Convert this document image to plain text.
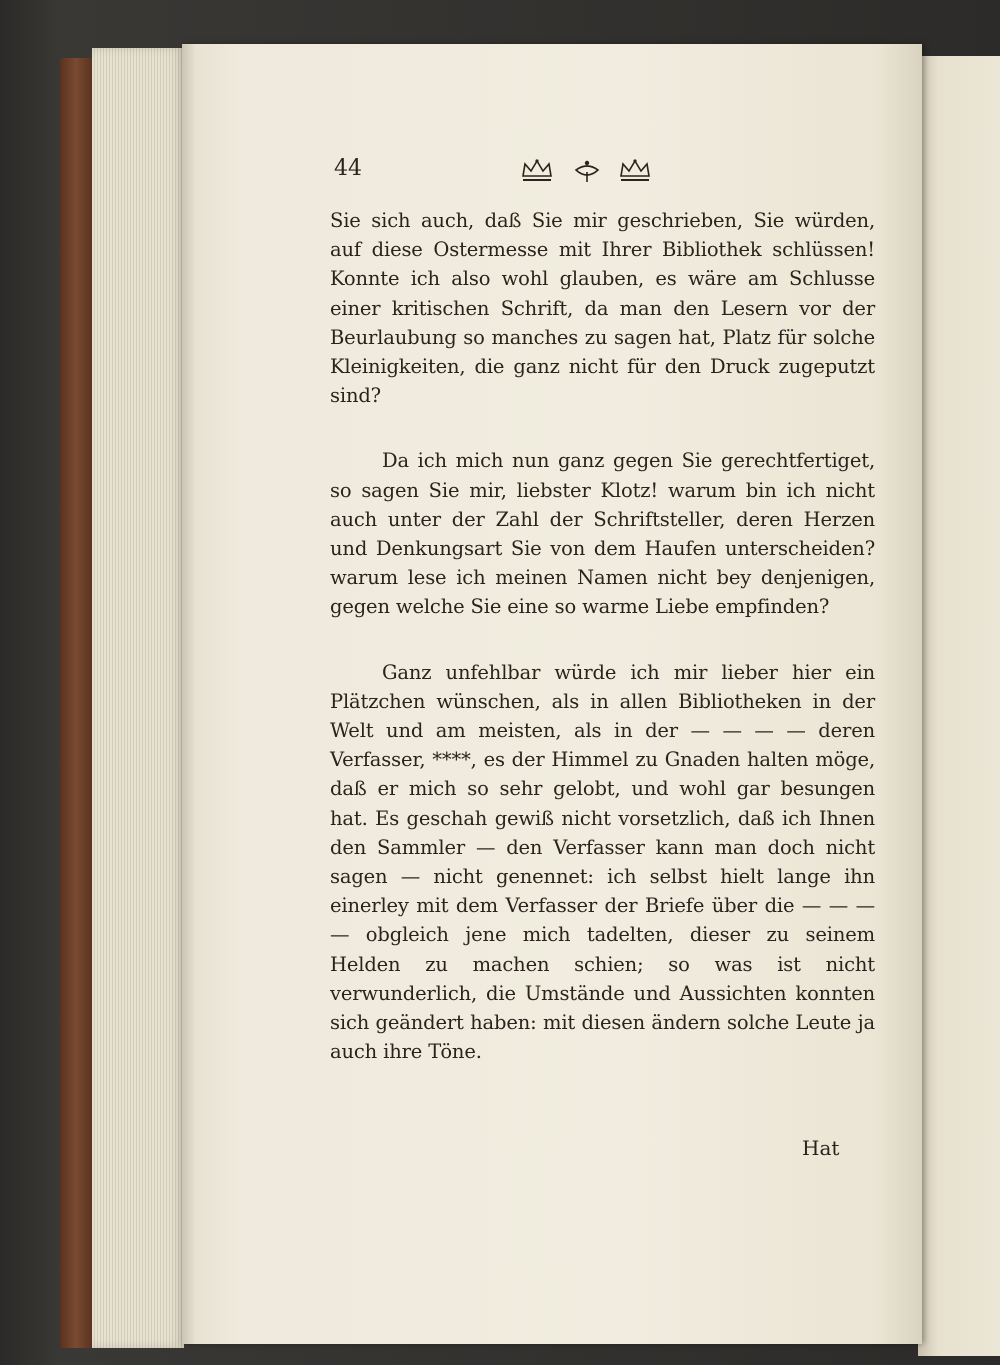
44

Sie sich auch, daß Sie mir geschrieben, Sie würden, auf diese Ostermesse mit Ihrer Bibliothek schlüssen! Konnte ich also wohl glauben, es wäre am Schlusse einer kritischen Schrift, da man den Lesern vor der Beurlaubung so manches zu sagen hat, Platz für solche Kleinigkeiten, die ganz nicht für den Druck zugeputzt sind?

Da ich mich nun ganz gegen Sie gerechtfertiget, so sagen Sie mir, liebster Klotz! warum bin ich nicht auch unter der Zahl der Schriftsteller, deren Herzen und Denkungsart Sie von dem Haufen unterscheiden? warum lese ich meinen Namen nicht bey denjenigen, gegen welche Sie eine so warme Liebe empfinden?

Ganz unfehlbar würde ich mir lieber hier ein Plätzchen wünschen, als in allen Bibliotheken in der Welt und am meisten, als in der — — — — deren Verfasser, ****, es der Himmel zu Gnaden halten möge, daß er mich so sehr gelobt, und wohl gar besungen hat. Es geschah gewiß nicht vorsetzlich, daß ich Ihnen den Sammler — den Verfasser kann man doch nicht sagen — nicht genennet: ich selbst hielt lange ihn einerley mit dem Verfasser der Briefe über die — — — — obgleich jene mich tadelten, dieser zu seinem Helden zu machen schien; so was ist nicht verwunderlich, die Umstände und Aussichten konnten sich geändert haben: mit diesen ändern solche Leute ja auch ihre Töne.

Hat
